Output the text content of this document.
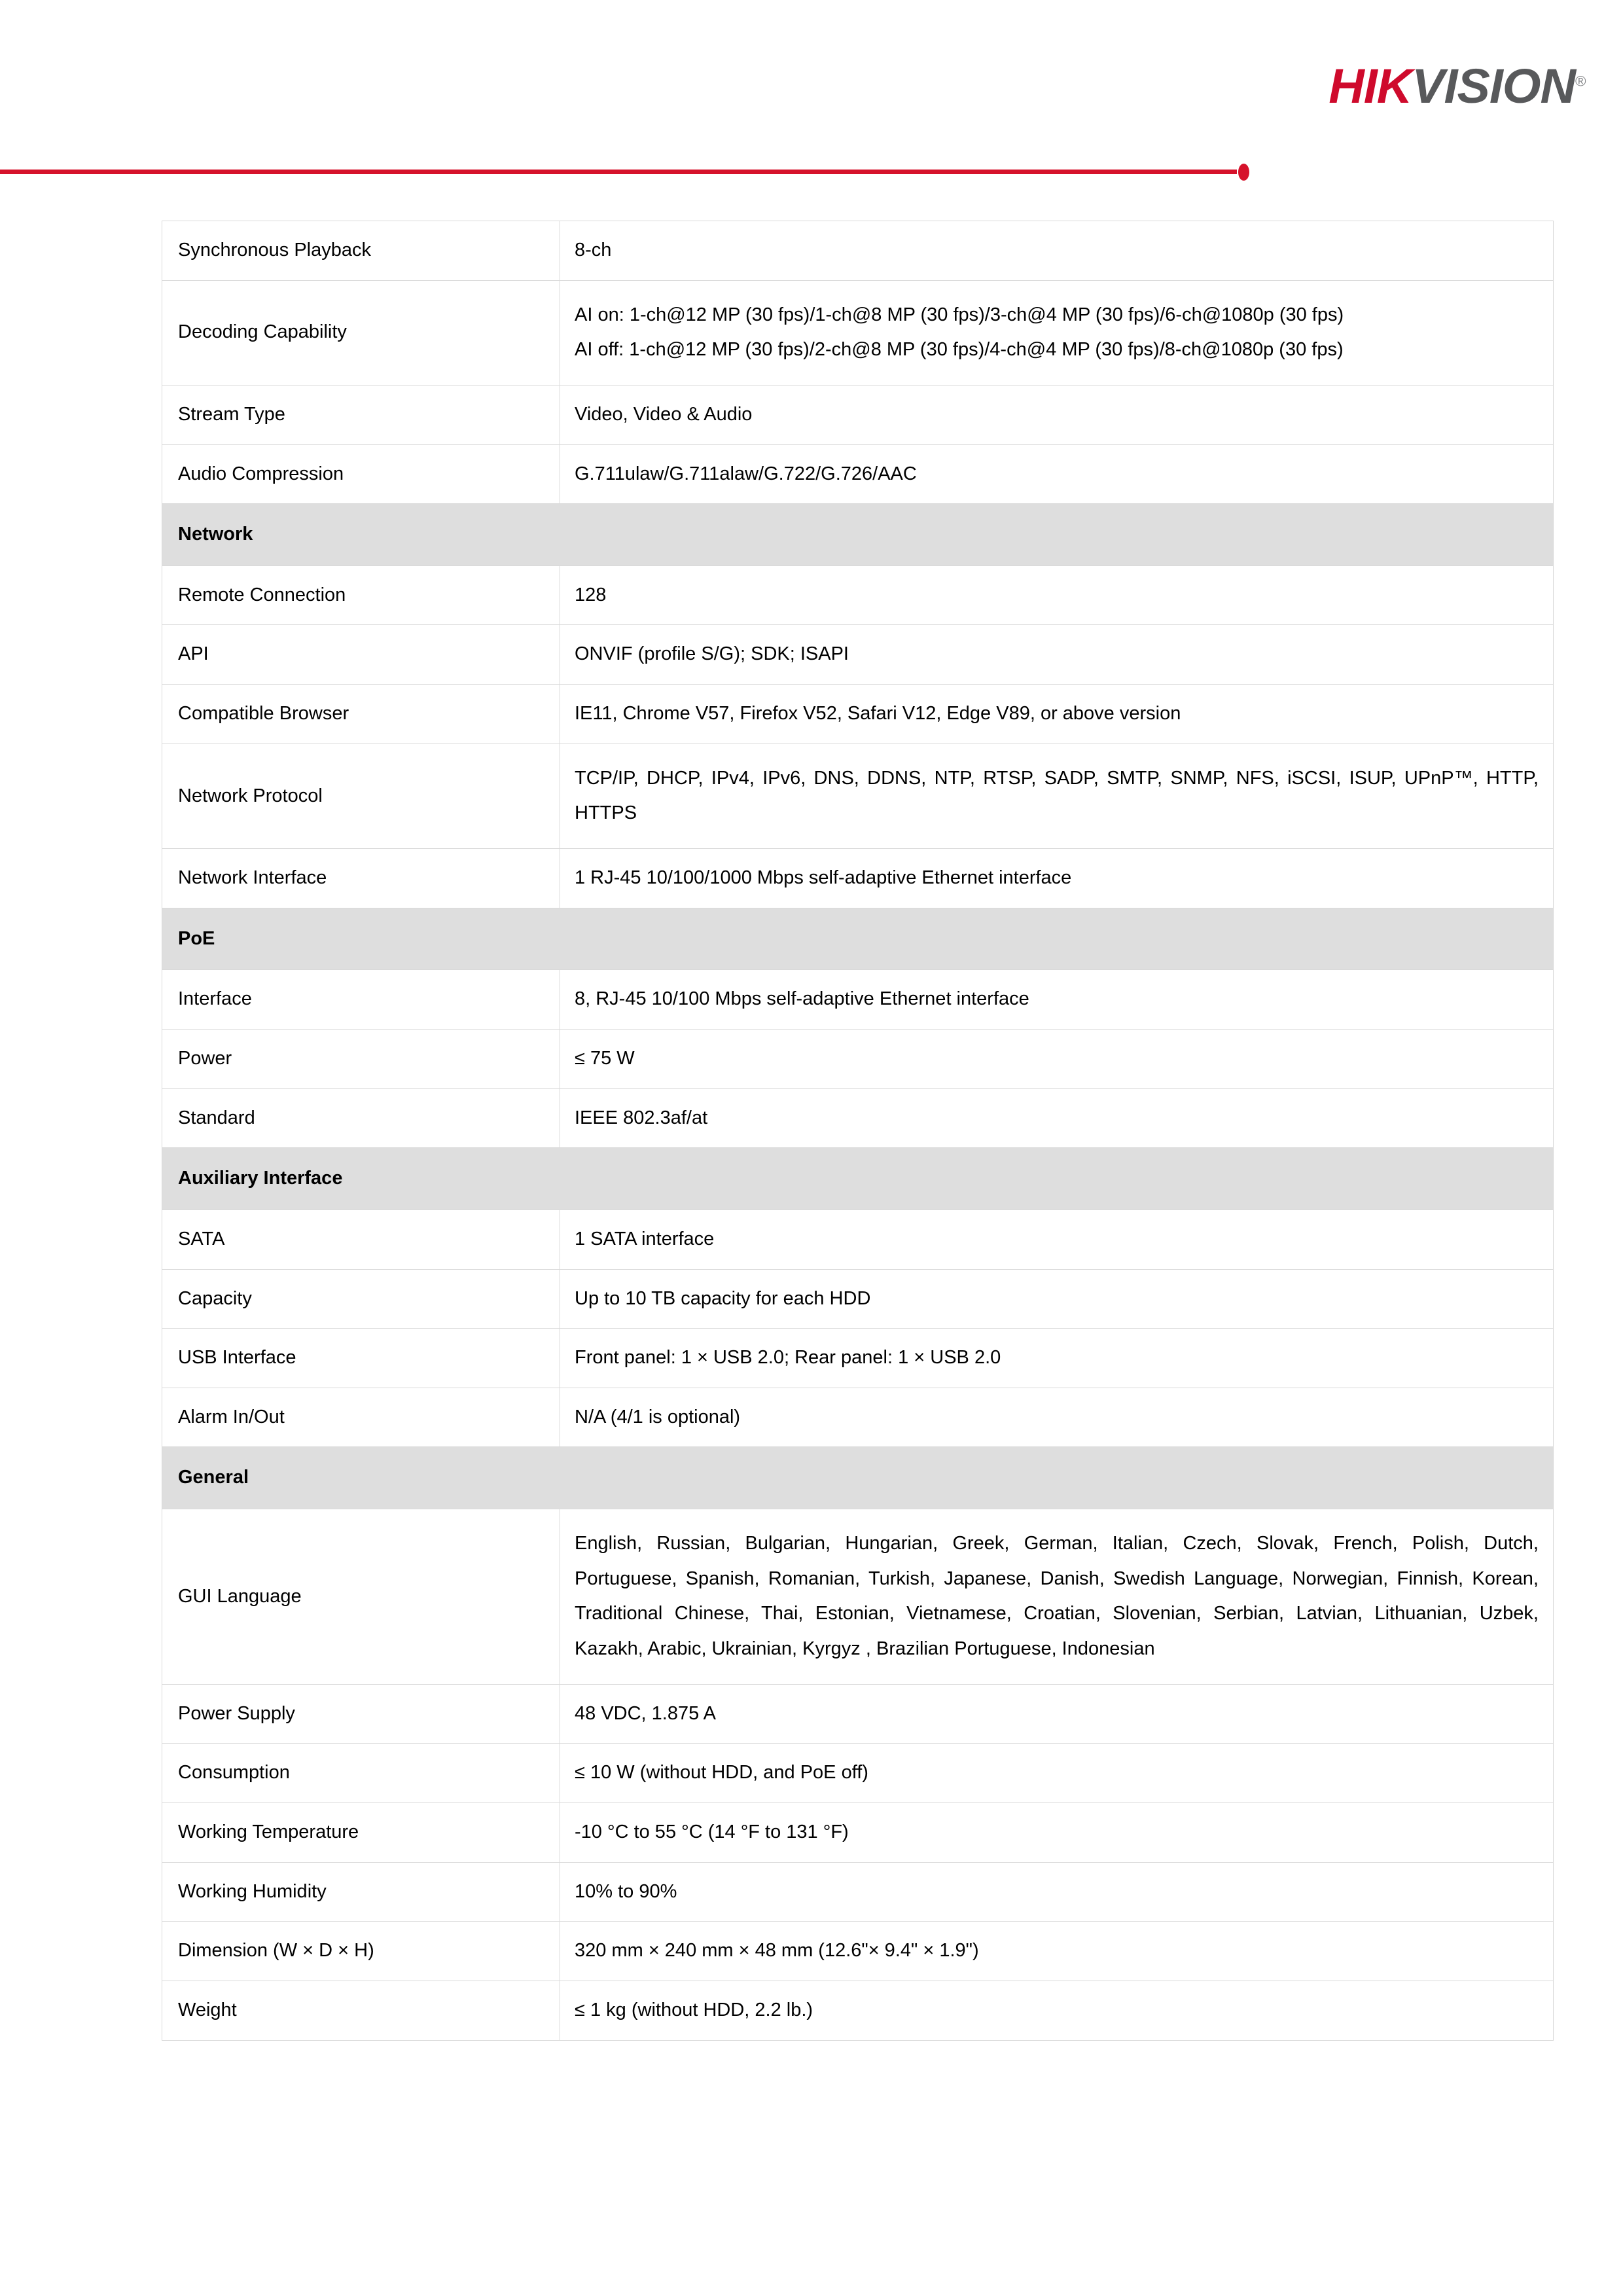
HIKVISION®
Synchronous Playback	8-ch
Decoding Capability	AI on: 1-ch@12 MP (30 fps)/1-ch@8 MP (30 fps)/3-ch@4 MP (30 fps)/6-ch@1080p (30 fps)
AI off: 1-ch@12 MP (30 fps)/2-ch@8 MP (30 fps)/4-ch@4 MP (30 fps)/8-ch@1080p (30 fps)

Stream Type	Video, Video & Audio
Audio Compression	G.711ulaw/G.711alaw/G.722/G.726/AAC
Network	
Remote Connection	128
API	ONVIF (profile S/G); SDK; ISAPI
Compatible Browser	IE11, Chrome V57, Firefox V52, Safari V12, Edge V89, or above version
Network Protocol	TCP/IP, DHCP, IPv4, IPv6, DNS, DDNS, NTP, RTSP, SADP, SMTP, SNMP, NFS, iSCSI, ISUP, UPnP™, HTTP, HTTPS
Network Interface	1 RJ-45 10/100/1000 Mbps self-adaptive Ethernet interface
PoE	
Interface	8, RJ-45 10/100 Mbps self-adaptive Ethernet interface
Power	≤ 75 W
Standard	IEEE 802.3af/at
Auxiliary Interface	
SATA	1 SATA interface
Capacity	Up to 10 TB capacity for each HDD
USB Interface	Front panel: 1 × USB 2.0; Rear panel: 1 × USB 2.0
Alarm In/Out	N/A (4/1 is optional)
General	
GUI Language	English, Russian, Bulgarian, Hungarian, Greek, German, Italian, Czech, Slovak, French, Polish, Dutch, Portuguese, Spanish, Romanian, Turkish, Japanese, Danish, Swedish Language, Norwegian, Finnish, Korean, Traditional Chinese, Thai, Estonian, Vietnamese, Croatian, Slovenian, Serbian, Latvian, Lithuanian, Uzbek, Kazakh, Arabic, Ukrainian, Kyrgyz , Brazilian Portuguese, Indonesian
Power Supply	48 VDC, 1.875 A
Consumption	≤ 10 W (without HDD, and PoE off)
Working Temperature	-10 °C to 55 °C (14 °F to 131 °F)
Working Humidity	10% to 90%
Dimension (W × D × H)	320 mm × 240 mm × 48 mm (12.6"× 9.4" × 1.9")
Weight	≤ 1 kg (without HDD, 2.2 lb.)
